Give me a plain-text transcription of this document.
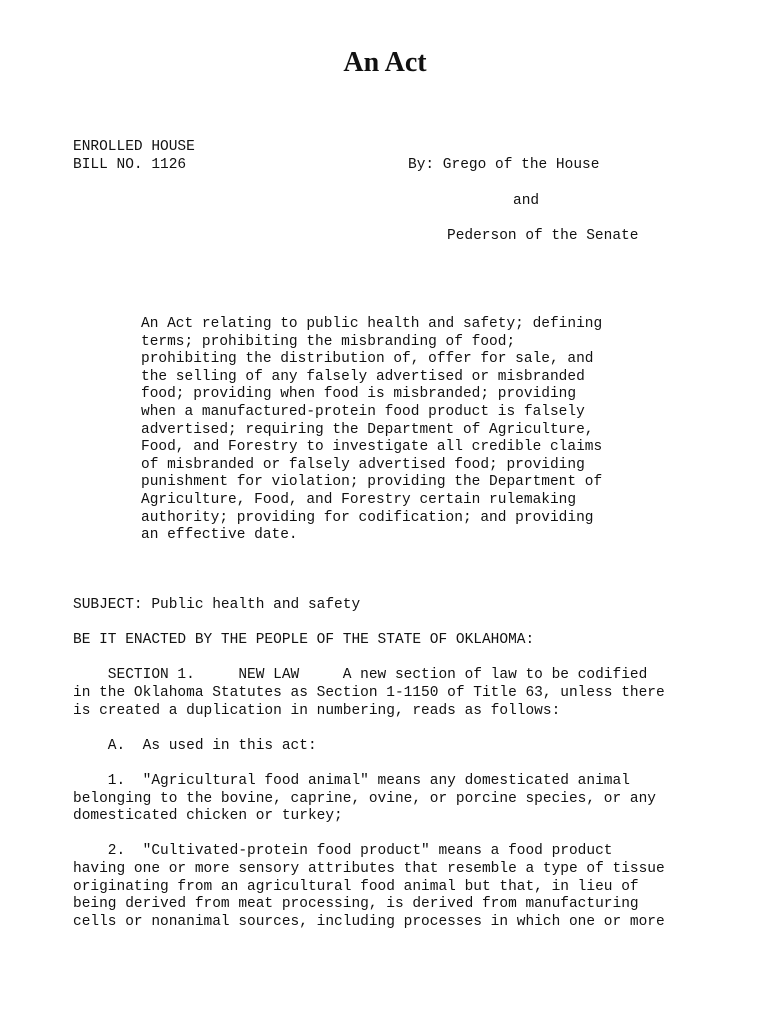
An Act
ENROLLED HOUSE
BILL NO. 1126	By: Grego of the House
and
Pederson of the Senate
An Act relating to public health and safety; defining
terms; prohibiting the misbranding of food;
prohibiting the distribution of, offer for sale, and
the selling of any falsely advertised or misbranded
food; providing when food is misbranded; providing
when a manufactured-protein food product is falsely
advertised; requiring the Department of Agriculture,
Food, and Forestry to investigate all credible claims
of misbranded or falsely advertised food; providing
punishment for violation; providing the Department of
Agriculture, Food, and Forestry certain rulemaking
authority; providing for codification; and providing
an effective date.
SUBJECT: Public health and safety

BE IT ENACTED BY THE PEOPLE OF THE STATE OF OKLAHOMA:

SECTION 1.     NEW LAW     A new section of law to be codified
in the Oklahoma Statutes as Section 1-1150 of Title 63, unless there
is created a duplication in numbering, reads as follows:

A.  As used in this act:

1.  "Agricultural food animal" means any domesticated animal
belonging to the bovine, caprine, ovine, or porcine species, or any
domesticated chicken or turkey;

2.  "Cultivated-protein food product" means a food product
having one or more sensory attributes that resemble a type of tissue
originating from an agricultural food animal but that, in lieu of
being derived from meat processing, is derived from manufacturing
cells or nonanimal sources, including processes in which one or more
